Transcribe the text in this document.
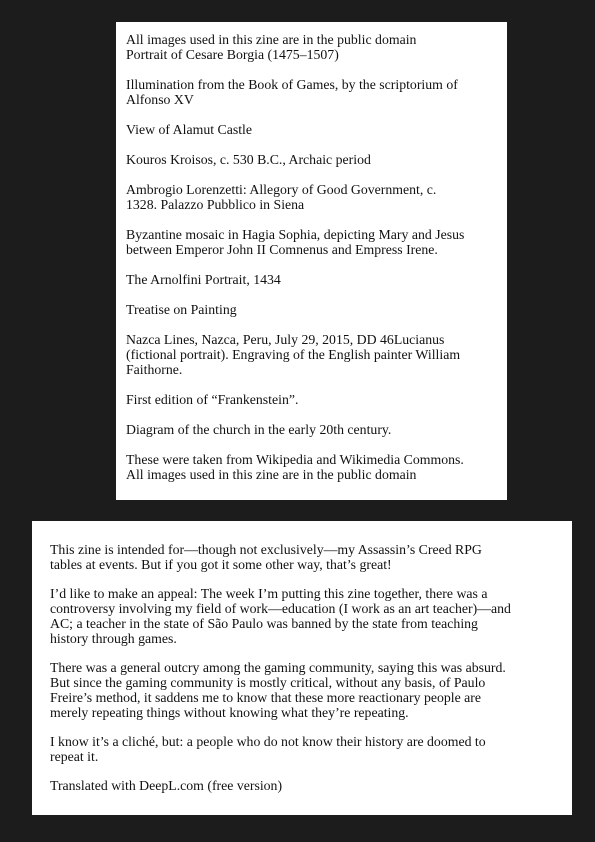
All images used in this zine are in the public domain
Portrait of Cesare Borgia (1475–1507)

Illumination from the Book of Games, by the scriptorium of
Alfonso XV

View of Alamut Castle

Kouros Kroisos, c. 530 B.C., Archaic period

Ambrogio Lorenzetti: Allegory of Good Government, c.
1328. Palazzo Pubblico in Siena

Byzantine mosaic in Hagia Sophia, depicting Mary and Jesus
between Emperor John II Comnenus and Empress Irene.

The Arnolfini Portrait, 1434

Treatise on Painting

Nazca Lines, Nazca, Peru, July 29, 2015, DD 46Lucianus
(fictional portrait). Engraving of the English painter William
Faithorne.

First edition of “Frankenstein”.

Diagram of the church in the early 20th century.

These were taken from Wikipedia and Wikimedia Commons.
All images used in this zine are in the public domain

This zine is intended for—though not exclusively—my Assassin’s Creed RPG
tables at events. But if you got it some other way, that’s great!

I’d like to make an appeal: The week I’m putting this zine together, there was a
controversy involving my field of work—education (I work as an art teacher)—and
AC; a teacher in the state of São Paulo was banned by the state from teaching
history through games.

There was a general outcry among the gaming community, saying this was absurd.
But since the gaming community is mostly critical, without any basis, of Paulo
Freire’s method, it saddens me to know that these more reactionary people are
merely repeating things without knowing what they’re repeating.

I know it’s a cliché, but: a people who do not know their history are doomed to
repeat it.

Translated with DeepL.com (free version)
